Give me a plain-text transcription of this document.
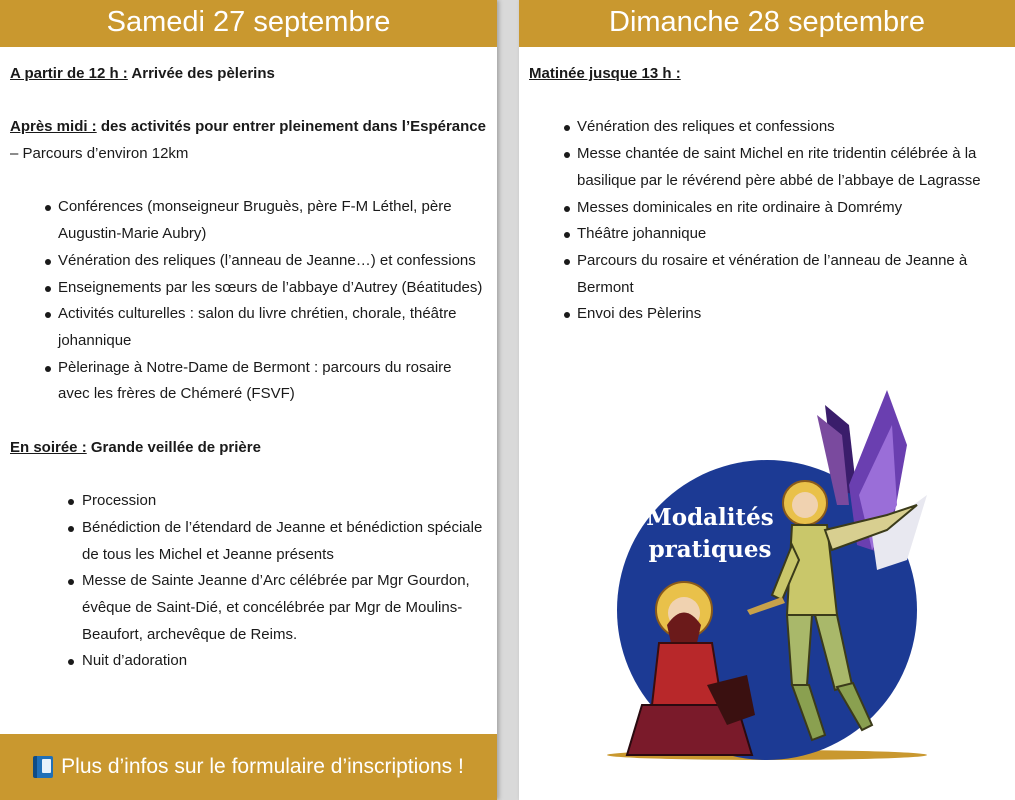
Samedi 27 septembre

A partir de 12 h : Arrivée des pèlerins

Après midi : des activités pour entrer pleinement dans l’Espérance

– Parcours d’environ 12km

Conférences (monseigneur Bruguès, père F-M Léthel, père Augustin-Marie Aubry)
Vénération des reliques (l’anneau de Jeanne…) et confessions
Enseignements par les sœurs de l’abbaye d’Autrey (Béatitudes)
Activités culturelles : salon du livre chrétien, chorale, théâtre johannique
Pèlerinage à Notre-Dame de Bermont : parcours du rosaire avec les frères de Chémeré (FSVF)

En soirée : Grande veillée de prière

Procession
Bénédiction de l’étendard de Jeanne et bénédiction spéciale de tous les Michel et Jeanne présents
Messe de Sainte Jeanne d’Arc célébrée par Mgr Gourdon, évêque de Saint-Dié, et concélébrée par Mgr de Moulins-Beaufort, archevêque de Reims.
Nuit d’adoration
Plus d’infos sur le formulaire d’inscriptions !
Dimanche 28 septembre

Matinée jusque 13 h :

Vénération des reliques et confessions
Messe chantée de saint Michel en rite tridentin célébrée à la basilique par le révérend père abbé de l’abbaye de Lagrasse
Messes dominicales en rite ordinaire à Domrémy
Théâtre johannique
Parcours du rosaire et vénération de l’anneau de Jeanne à Bermont
Envoi des Pèlerins
Modalités
pratiques
